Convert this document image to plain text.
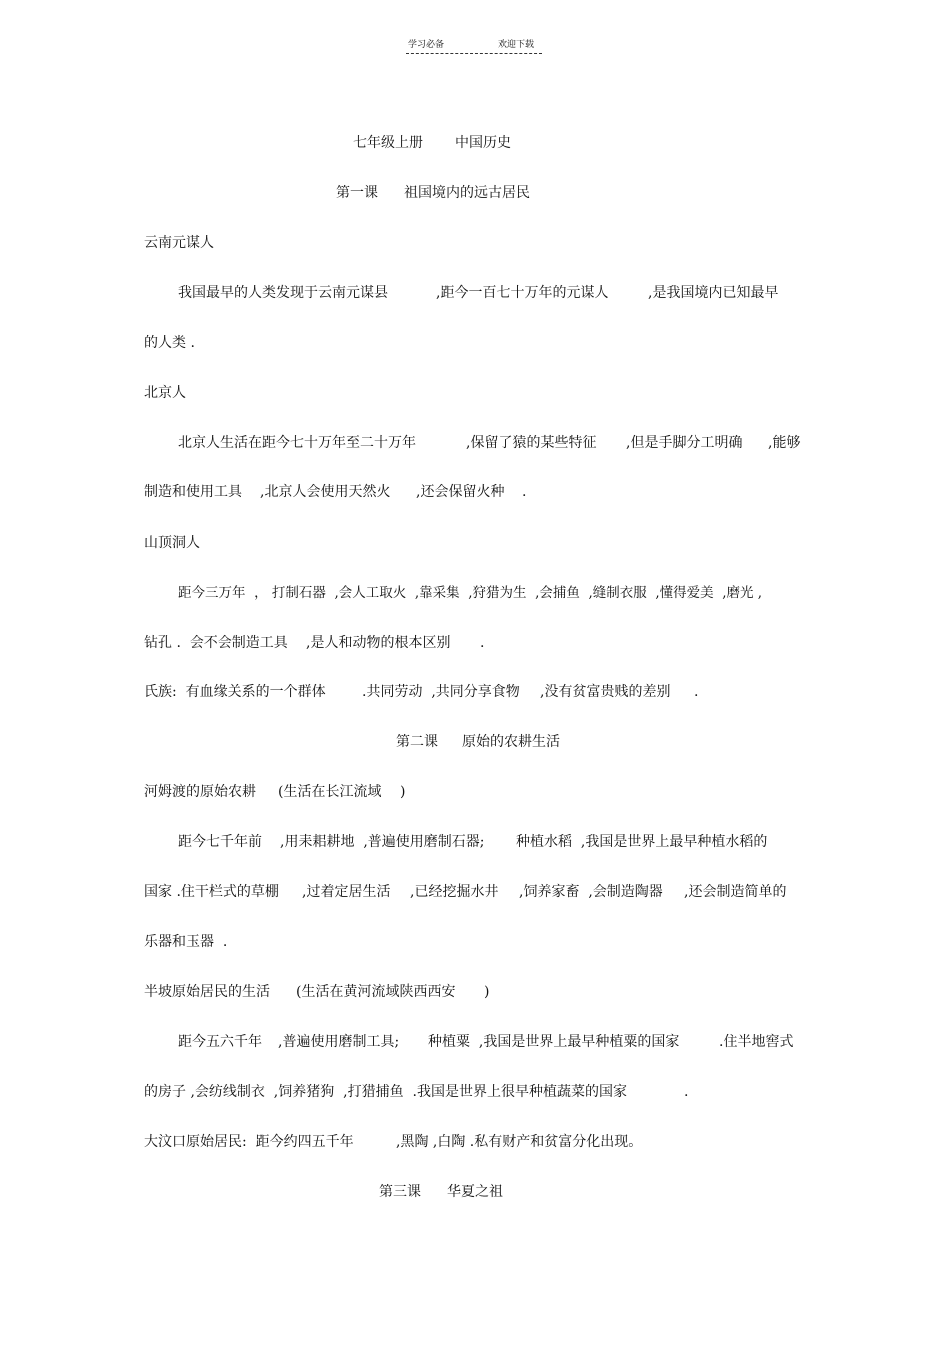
学习必备	欢迎下载
七年级上册 中国历史
第一课 祖国境内的远古居民
云南元谋人
我国最早的人类发现于云南元谋县	,距今一百七十万年的元谋人	,是我国境内已知最早
的人类 .
北京人
北京人生活在距今七十万年至二十万年	,保留了猿的某些特征 ,但是手脚分工明确 ,能够
制造和使用工具 ,北京人会使用天然火 ,还会保留火种 .
山顶洞人
距今三万年  ， 打制石器  ,会人工取火  ,靠采集  ,狩猎为生  ,会捕鱼  ,缝制衣服  ,懂得爱美  ,磨光 ,
钻孔 .  会不会制造工具 ,是人和动物的根本区别 .
氏族:  有血缘关系的一个群体	.共同劳动  ,共同分享食物 ,没有贫富贵贱的差别 .
第二课 原始的农耕生活
河姆渡的原始农耕 (生活在长江流域 )
距今七千年前 ,用耒耜耕地  ,普遍使用磨制石器; 种植水稻  ,我国是世界上最早种植水稻的
国家 .住干栏式的草棚 ,过着定居生活 ,已经挖掘水井 ,饲养家畜  ,会制造陶器 ,还会制造简单的
乐器和玉器  .
半坡原始居民的生活 (生活在黄河流域陕西西安 )
距今五六千年 ,普遍使用磨制工具; 种植粟  ,我国是世界上最早种植粟的国家	.住半地窖式
的房子 ,会纺线制衣  ,饲养猪狗  ,打猎捕鱼  .我国是世界上很早种植蔬菜的国家	.
大汶口原始居民:  距今约四五千年	,黑陶 ,白陶 .私有财产和贫富分化出现。
第三课 华夏之祖
